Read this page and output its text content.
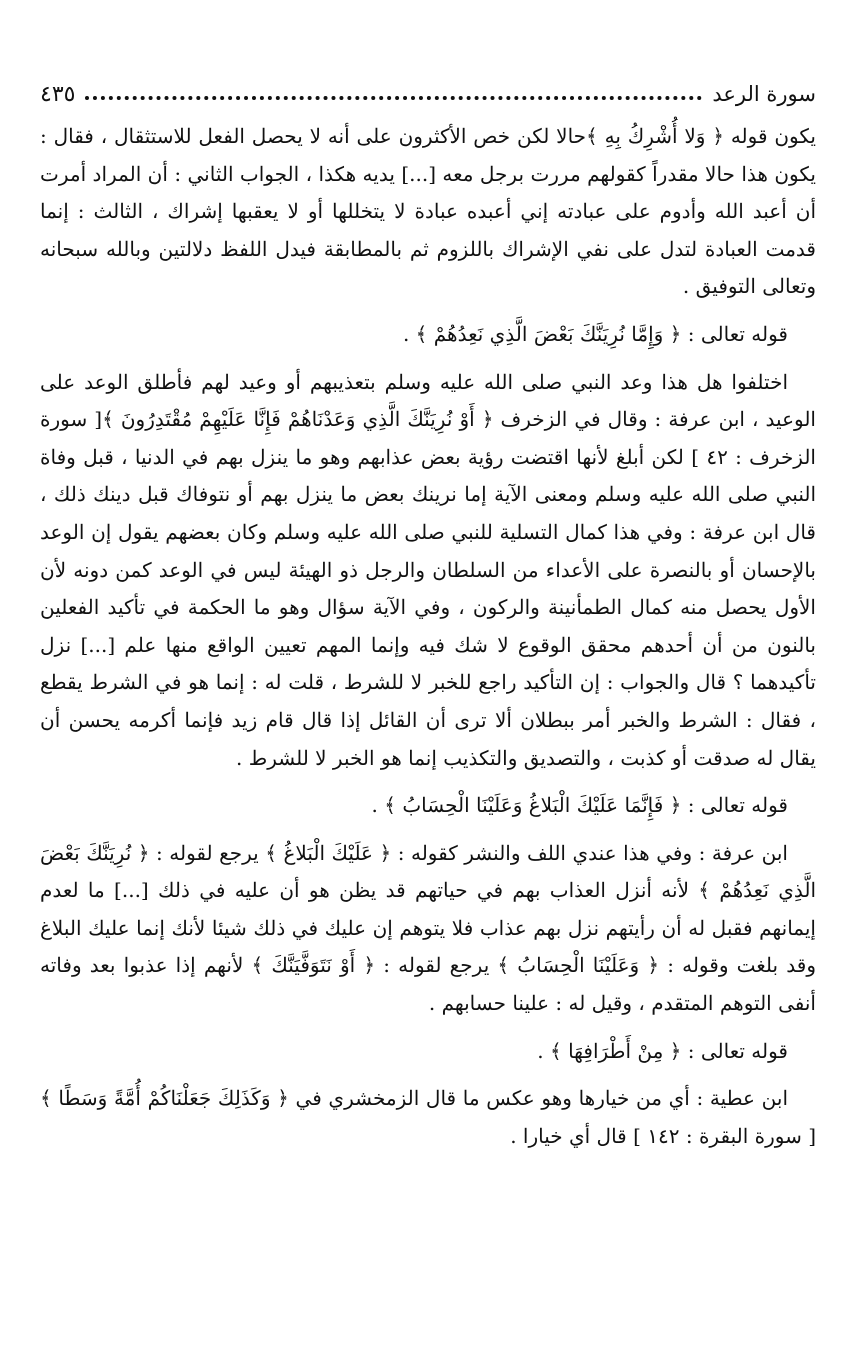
سورة الرعد
٤٣٥

يكون قوله ﴿ وَلا أُشْرِكُ بِهِ ﴾حالا لكن خص الأكثرون على أنه لا يحصل الفعل للاستثقال ، فقال : يكون هذا حالا مقدراً كقولهم مررت برجل معه [...] يديه هكذا ، الجواب الثاني : أن المراد أمرت أن أعبد الله وأدوم على عبادته إني أعبده عبادة لا يتخللها أو لا يعقبها إشراك ، الثالث : إنما قدمت العبادة لتدل على نفي الإشراك باللزوم ثم بالمطابقة فيدل اللفظ دلالتين وبالله سبحانه وتعالى التوفيق .

قوله تعالى : ﴿ وَإِمَّا نُرِيَنَّكَ بَعْضَ الَّذِي نَعِدُهُمْ ﴾ .

اختلفوا هل هذا وعد النبي صلى الله عليه وسلم بتعذيبهم أو وعيد لهم فأطلق الوعد على الوعيد ، ابن عرفة : وقال في الزخرف ﴿ أَوْ نُرِيَنَّكَ الَّذِي وَعَدْنَاهُمْ فَإِنَّا عَلَيْهِمْ مُقْتَدِرُونَ ﴾[ سورة الزخرف : ٤٢ ] لكن أبلغ لأنها اقتضت رؤية بعض عذابهم وهو ما ينزل بهم في الدنيا ، قبل وفاة النبي صلى الله عليه وسلم ومعنى الآية إما نرينك بعض ما ينزل بهم أو نتوفاك قبل دينك ذلك ، قال ابن عرفة : وفي هذا كمال التسلية للنبي صلى الله عليه وسلم وكان بعضهم يقول إن الوعد بالإحسان أو بالنصرة على الأعداء من السلطان والرجل ذو الهيئة ليس في الوعد كمن دونه لأن الأول يحصل منه كمال الطمأنينة والركون ، وفي الآية سؤال وهو ما الحكمة في تأكيد الفعلين بالنون من أن أحدهم محقق الوقوع لا شك فيه وإنما المهم تعيين الواقع منها علم [...] نزل تأكيدهما ؟ قال والجواب : إن التأكيد راجع للخبر لا للشرط ، قلت له : إنما هو في الشرط يقطع ، فقال : الشرط والخبر أمر ببطلان ألا ترى أن القائل إذا قال قام زيد فإنما أكرمه يحسن أن يقال له صدقت أو كذبت ، والتصديق والتكذيب إنما هو الخبر لا للشرط .

قوله تعالى : ﴿ فَإِنَّمَا عَلَيْكَ الْبَلاغُ وَعَلَيْنَا الْحِسَابُ ﴾ .

ابن عرفة : وفي هذا عندي اللف والنشر كقوله : ﴿ عَلَيْكَ الْبَلاغُ ﴾ يرجع لقوله : ﴿ نُرِيَنَّكَ بَعْضَ الَّذِي نَعِدُهُمْ ﴾ لأنه أنزل العذاب بهم في حياتهم قد يظن هو أن عليه في ذلك [...] ما لعدم إيمانهم فقبل له أن رأيتهم نزل بهم عذاب فلا يتوهم إن عليك في ذلك شيئا لأنك إنما عليك البلاغ وقد بلغت وقوله : ﴿ وَعَلَيْنَا الْحِسَابُ ﴾ يرجع لقوله : ﴿ أَوْ نَتَوَفَّيَنَّكَ ﴾ لأنهم إذا عذبوا بعد وفاته أنفى التوهم المتقدم ، وقيل له : علينا حسابهم .

قوله تعالى : ﴿ مِنْ أَطْرَافِهَا ﴾ .

ابن عطية : أي من خيارها وهو عكس ما قال الزمخشري في ﴿ وَكَذَلِكَ جَعَلْنَاكُمْ أُمَّةً وَسَطًا ﴾[ سورة البقرة : ١٤٢ ] قال أي خيارا .
